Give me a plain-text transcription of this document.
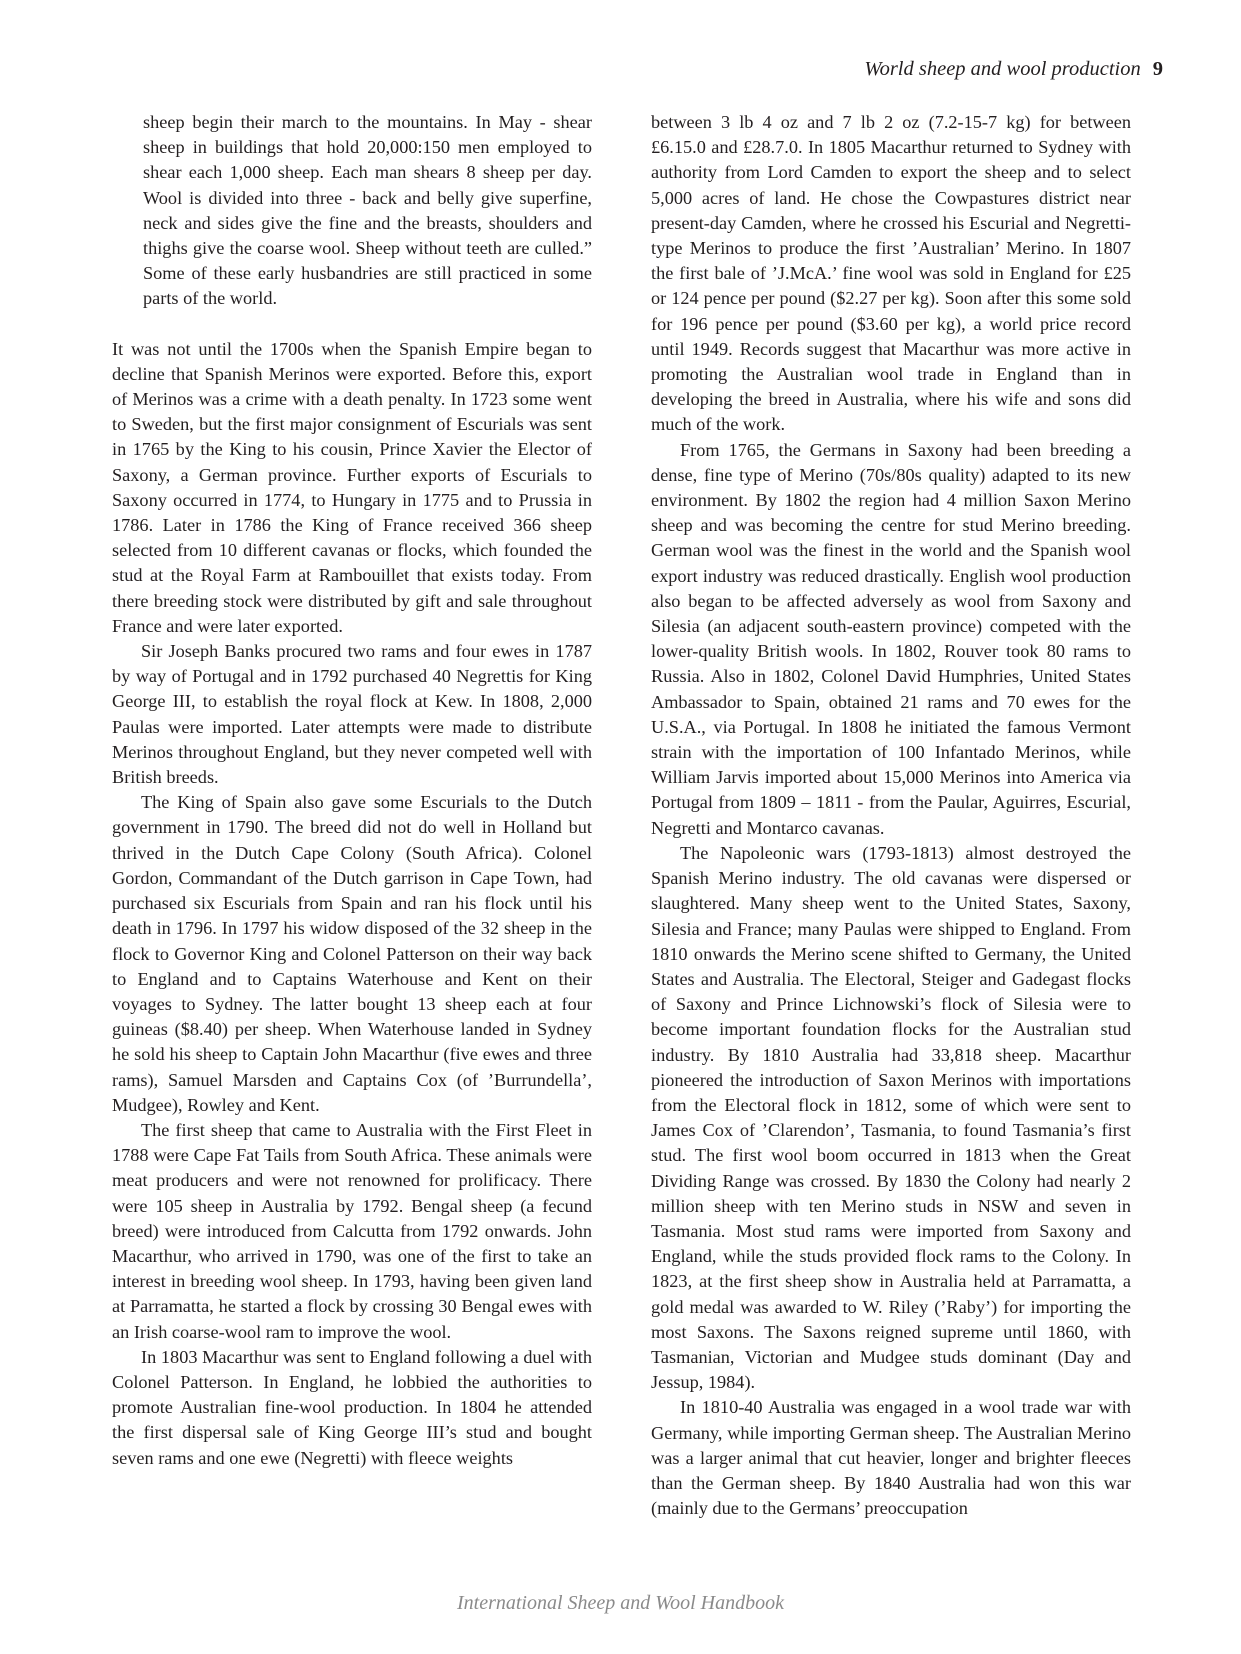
World sheep and wool production 9

sheep begin their march to the mountains. In May - shear sheep in buildings that hold 20,000:150 men employed to shear each 1,000 sheep. Each man shears 8 sheep per day. Wool is divided into three - back and belly give superfine, neck and sides give the fine and the breasts, shoulders and thighs give the coarse wool. Sheep without teeth are culled.” Some of these early husbandries are still practiced in some parts of the world.

It was not until the 1700s when the Spanish Empire began to decline that Spanish Merinos were exported. Before this, export of Merinos was a crime with a death penalty. In 1723 some went to Sweden, but the first major consignment of Escurials was sent in 1765 by the King to his cousin, Prince Xavier the Elector of Saxony, a German province. Further exports of Escurials to Saxony occurred in 1774, to Hungary in 1775 and to Prussia in 1786. Later in 1786 the King of France received 366 sheep selected from 10 different cavanas or flocks, which founded the stud at the Royal Farm at Rambouillet that exists today. From there breeding stock were distributed by gift and sale throughout France and were later exported.

Sir Joseph Banks procured two rams and four ewes in 1787 by way of Portugal and in 1792 purchased 40 Negrettis for King George III, to establish the royal flock at Kew. In 1808, 2,000 Paulas were imported. Later attempts were made to distribute Merinos throughout England, but they never competed well with British breeds.

The King of Spain also gave some Escurials to the Dutch government in 1790. The breed did not do well in Holland but thrived in the Dutch Cape Colony (South Africa). Colonel Gordon, Commandant of the Dutch garrison in Cape Town, had purchased six Escurials from Spain and ran his flock until his death in 1796. In 1797 his widow disposed of the 32 sheep in the flock to Governor King and Colonel Patterson on their way back to England and to Captains Waterhouse and Kent on their voyages to Sydney. The latter bought 13 sheep each at four guineas ($8.40) per sheep. When Waterhouse landed in Sydney he sold his sheep to Captain John Macarthur (five ewes and three rams), Samuel Marsden and Captains Cox (of ’Burrundella’, Mudgee), Rowley and Kent.

The first sheep that came to Australia with the First Fleet in 1788 were Cape Fat Tails from South Africa. These animals were meat producers and were not renowned for prolificacy. There were 105 sheep in Australia by 1792. Bengal sheep (a fecund breed) were introduced from Calcutta from 1792 onwards. John Macarthur, who arrived in 1790, was one of the first to take an interest in breeding wool sheep. In 1793, having been given land at Parramatta, he started a flock by crossing 30 Bengal ewes with an Irish coarse-wool ram to improve the wool.

In 1803 Macarthur was sent to England following a duel with Colonel Patterson. In England, he lobbied the authorities to promote Australian fine-wool production. In 1804 he attended the first dispersal sale of King George III’s stud and bought seven rams and one ewe (Negretti) with fleece weights

between 3 lb 4 oz and 7 lb 2 oz (7.2-15-7 kg) for between £6.15.0 and £28.7.0. In 1805 Macarthur returned to Sydney with authority from Lord Camden to export the sheep and to select 5,000 acres of land. He chose the Cowpastures district near present-day Camden, where he crossed his Escurial and Negretti-type Merinos to produce the first ’Australian’ Merino. In 1807 the first bale of ’J.McA.’ fine wool was sold in England for £25 or 124 pence per pound ($2.27 per kg). Soon after this some sold for 196 pence per pound ($3.60 per kg), a world price record until 1949. Records suggest that Macarthur was more active in promoting the Australian wool trade in England than in developing the breed in Australia, where his wife and sons did much of the work.

From 1765, the Germans in Saxony had been breeding a dense, fine type of Merino (70s/80s quality) adapted to its new environment. By 1802 the region had 4 million Saxon Merino sheep and was becoming the centre for stud Merino breeding. German wool was the finest in the world and the Spanish wool export industry was reduced drastically. English wool production also began to be affected adversely as wool from Saxony and Silesia (an adjacent south-eastern province) competed with the lower-quality British wools. In 1802, Rouver took 80 rams to Russia. Also in 1802, Colonel David Humphries, United States Ambassador to Spain, obtained 21 rams and 70 ewes for the U.S.A., via Portugal. In 1808 he initiated the famous Vermont strain with the importation of 100 Infantado Merinos, while William Jarvis imported about 15,000 Merinos into America via Portugal from 1809 – 1811 - from the Paular, Aguirres, Escurial, Negretti and Montarco cavanas.

The Napoleonic wars (1793-1813) almost destroyed the Spanish Merino industry. The old cavanas were dispersed or slaughtered. Many sheep went to the United States, Saxony, Silesia and France; many Paulas were shipped to England. From 1810 onwards the Merino scene shifted to Germany, the United States and Australia. The Electoral, Steiger and Gadegast flocks of Saxony and Prince Lichnowski’s flock of Silesia were to become important foundation flocks for the Australian stud industry. By 1810 Australia had 33,818 sheep. Macarthur pioneered the introduction of Saxon Merinos with importations from the Electoral flock in 1812, some of which were sent to James Cox of ’Clarendon’, Tasmania, to found Tasmania’s first stud. The first wool boom occurred in 1813 when the Great Dividing Range was crossed. By 1830 the Colony had nearly 2 million sheep with ten Merino studs in NSW and seven in Tasmania. Most stud rams were imported from Saxony and England, while the studs provided flock rams to the Colony. In 1823, at the first sheep show in Australia held at Parramatta, a gold medal was awarded to W. Riley (’Raby’) for importing the most Saxons. The Saxons reigned supreme until 1860, with Tasmanian, Victorian and Mudgee studs dominant (Day and Jessup, 1984).

In 1810-40 Australia was engaged in a wool trade war with Germany, while importing German sheep. The Australian Merino was a larger animal that cut heavier, longer and brighter fleeces than the German sheep. By 1840 Australia had won this war (mainly due to the Germans’ preoccupation

International Sheep and Wool Handbook
